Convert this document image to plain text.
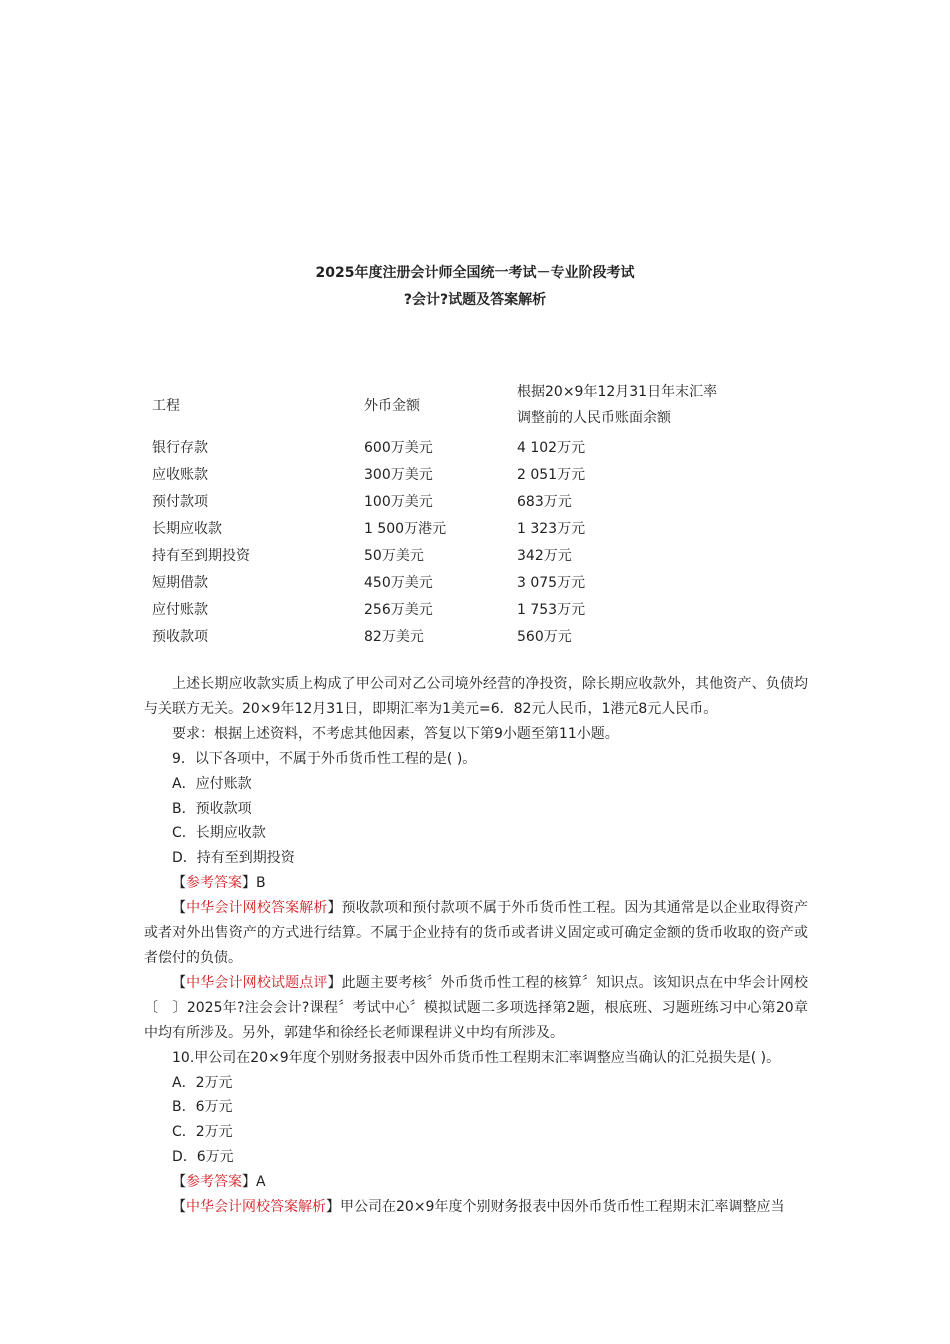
2025年度注册会计师全国统一考试－专业阶段考试
?会计?试题及答案解析
工程	外币金额	根据20×9年12月31日年末汇率
调整前的人民币账面余额

银行存款	600万美元	4 102万元
应收账款	300万美元	2 051万元
预付款项	100万美元	683万元
长期应收款	1 500万港元	1 323万元
持有至到期投资	50万美元	342万元
短期借款	450万美元	3 075万元
应付账款	256万美元	1 753万元
预收款项	82万美元	560万元

上述长期应收款实质上构成了甲公司对乙公司境外经营的净投资，除长期应收款外，其他资产、负债均与关联方无关。20×9年12月31日，即期汇率为1美元=6．82元人民币，1港元8元人民币。

要求：根据上述资料，不考虑其他因素，答复以下第9小题至第11小题。

9．以下各项中，不属于外币货币性工程的是( )。

A．应付账款

B．预收款项

C．长期应收款

D．持有至到期投资

【参考答案】B

【中华会计网校答案解析】预收款项和预付款项不属于外币货币性工程。因为其通常是以企业取得资产或者对外出售资产的方式进行结算。不属于企业持有的货币或者讲义固定或可确定金额的货币收取的资产或者偿付的负债。

【中华会计网校试题点评】此题主要考核〞外币货币性工程的核算〞知识点。该知识点在中华会计网校〔　〕2025年?注会会计?课程〞考试中心〞模拟试题二多项选择第2题，根底班、习题班练习中心第20章中均有所涉及。另外，郭建华和徐经长老师课程讲义中均有所涉及。

10.甲公司在20×9年度个别财务报表中因外币货币性工程期末汇率调整应当确认的汇兑损失是( )。

A．2万元

B．6万元

C．2万元

D．6万元

【参考答案】A

【中华会计网校答案解析】甲公司在20×9年度个别财务报表中因外币货币性工程期末汇率调整应当
